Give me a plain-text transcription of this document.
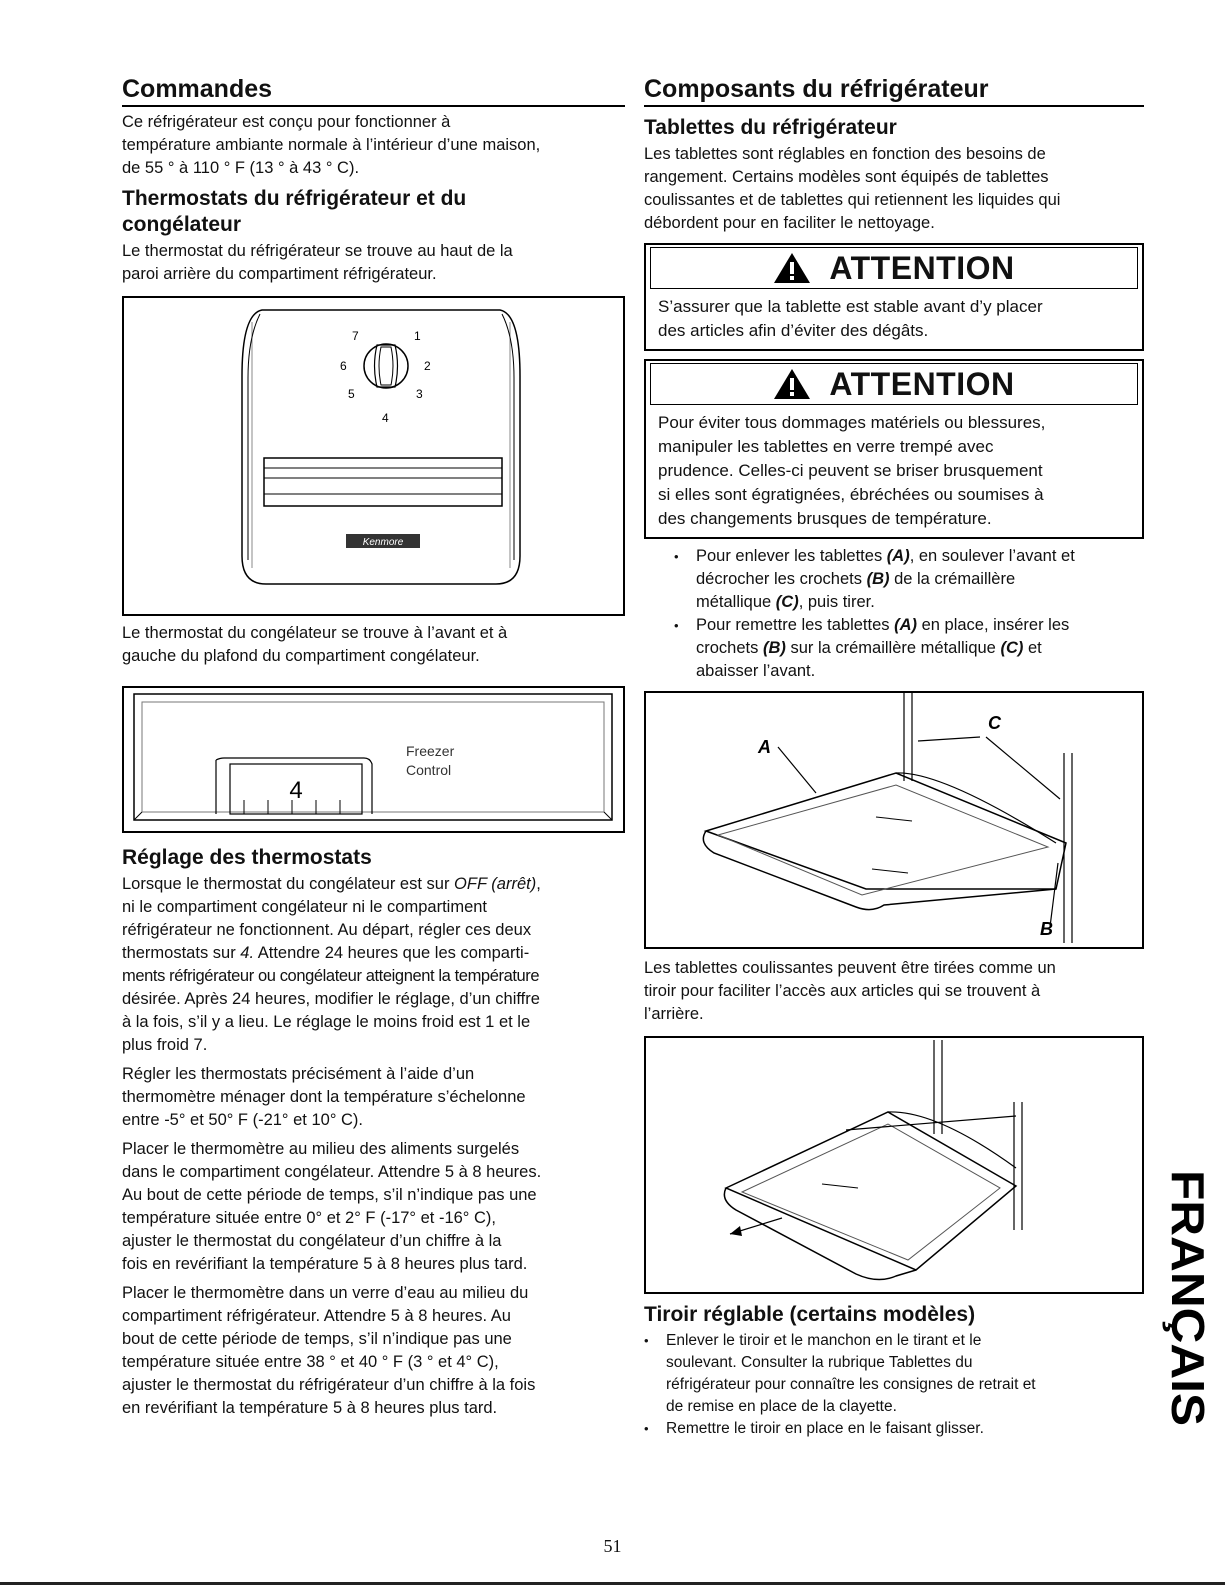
Commandes

Ce réfrigérateur est conçu pour fonctionner à
température ambiante normale à l’intérieur d’une maison,
de 55 ° à 110 ° F (13 ° à 43 ° C).

Thermostats du réfrigérateur et du
congélateur

Le thermostat du réfrigérateur se trouve au haut de la
paroi arrière du compartiment réfrigérateur.

7	1
6	2
5	3
4
Kenmore

Le thermostat du congélateur se trouve à l’avant et à
gauche du plafond du compartiment congélateur.

4
Freezer
Control
Réglage des thermostats

Lorsque le thermostat du congélateur est sur OFF (arrêt),
ni le compartiment congélateur ni le compartiment
réfrigérateur ne fonctionnent. Au départ, régler ces deux
thermostats sur 4. Attendre 24 heures que les comparti-
ments réfrigérateur ou congélateur atteignent la température
désirée. Après 24 heures, modifier le réglage, d’un chiffre
à la fois, s’il y a lieu. Le réglage le moins froid est 1 et le
plus froid 7.

Régler les thermostats précisément à l’aide d’un
thermomètre ménager dont la température s’échelonne
entre -5° et 50° F (-21° et 10° C).

Placer le thermomètre au milieu des aliments surgelés
dans le compartiment congélateur. Attendre 5 à 8 heures.
Au bout de cette période de temps, s’il n’indique pas une
température située entre 0° et 2° F (-17° et -16° C),
ajuster le thermostat du congélateur d’un chiffre à la
fois en revérifiant la température 5 à 8 heures plus tard.

Placer le thermomètre dans un verre d’eau au milieu du
compartiment réfrigérateur. Attendre 5 à 8 heures. Au
bout de cette période de temps, s’il n’indique pas une
température située entre 38 ° et 40 ° F (3 ° et 4° C),
ajuster le thermostat du réfrigérateur d’un chiffre à la fois
en revérifiant la température 5 à 8 heures plus tard.

Composants du réfrigérateur
Tablettes du réfrigérateur

Les tablettes sont réglables en fonction des besoins de
rangement. Certains modèles sont équipés de tablettes
coulissantes et de tablettes qui retiennent les liquides qui
débordent pour en faciliter le nettoyage.

ATTENTION

S’assurer que la tablette est stable avant d’y placer
des articles afin d’éviter des dégâts.

ATTENTION

Pour éviter tous dommages matériels ou blessures,
manipuler les tablettes en verre trempé avec
prudence. Celles-ci peuvent se briser brusquement
si elles sont égratignées, ébréchées ou soumises à
des changements brusques de température.

• Pour enlever les tablettes (A), en soulever l’avant et
décrocher les crochets (B) de la crémaillère
métallique (C), puis tirer.
• Pour remettre les tablettes (A) en place, insérer les
crochets (B) sur la crémaillère métallique (C) et
abaisser l’avant.
A
C
B

Les tablettes coulissantes peuvent être tirées comme un
tiroir pour faciliter l’accès aux articles qui se trouvent à
l’arrière.

Tiroir réglable (certains modèles)
• Enlever le tiroir et le manchon en le tirant et le
soulevant. Consulter la rubrique Tablettes du
réfrigérateur pour connaître les consignes de retrait et
de remise en place de la clayette.
• Remettre le tiroir en place en le faisant glisser.
FRANÇAIS
51
